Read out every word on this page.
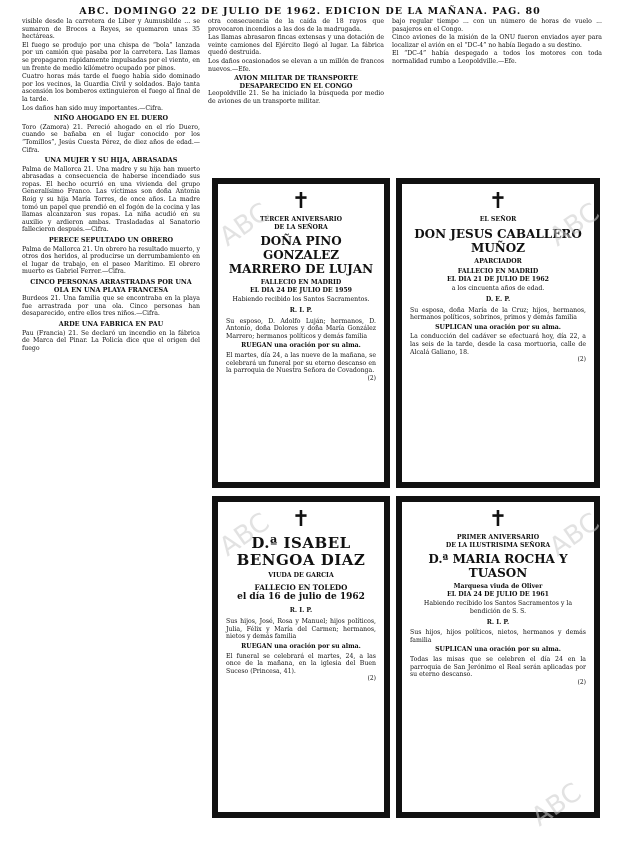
ABC. DOMINGO 22 DE JULIO DE 1962. EDICION DE LA MAÑANA. PAG. 80

visible desde la carretera de Liber y Aumusbilde ... se sumaron de Brocos a Reyes, se quemaron unas 35 hectáreas.

El fuego se produjo por una chispa de “bola” lanzada por un camión que pasaba por la carretera. Las llamas se propagaron rápidamente impulsadas por el viento, en un frente de medio kilómetro ocupado por pinos.

Cuatro horas más tarde el fuego había sido dominado por los vecinos, la Guardia Civil y soldados. Bajo tanta ascensión los bomberos extinguieron el fuego al final de la tarde.

Los daños han sido muy importantes.—Cifra.

NIÑO AHOGADO EN EL DUERO

Toro (Zamora) 21. Pereció ahogado en el río Duero, cuando se bañaba en el lugar conocido por los “Tomillos”, Jesús Cuesta Pérez, de diez años de edad.—Cifra.

UNA MUJER Y SU HIJA, ABRASADAS

Palma de Mallorca 21. Una madre y su hija han muerto abrasadas a consecuencia de haberse incendiado sus ropas. El hecho ocurrió en una vivienda del grupo Generalísimo Franco. Las víctimas son doña Antonia Roig y su hija María Torres, de once años. La madre tomó un papel que prendió en el fogón de la cocina y las llamas alcanzaron sus ropas. La niña acudió en su auxilio y ardieron ambas. Trasladadas al Sanatorio fallecieron después.—Cifra.

PERECE SEPULTADO UN OBRERO

Palma de Mallorca 21. Un obrero ha resultado muerto, y otros dos heridos, al producirse un derrumbamiento en el lugar de trabajo, en el paseo Marítimo. El obrero muerto es Gabriel Ferrer.—Cifra.

CINCO PERSONAS ARRASTRADAS POR UNA OLA EN UNA PLAYA FRANCESA

Burdeos 21. Una familia que se encontraba en la playa fue arrastrada por una ola. Cinco personas han desaparecido, entre ellos tres niños.—Cifra.

ARDE UNA FABRICA EN PAU

Pau (Francia) 21. Se declaró un incendio en la fábrica de Marca del Pinar. La Policía dice que el origen del fuego

otra consecuencia de la caída de 18 rayos que provocaron incendios a las dos de la madrugada.

Las llamas abrasaron fincas extensas y una dotación de veinte camiones del Ejército llegó al lugar. La fábrica quedó destruida.

Los daños ocasionados se elevan a un millón de francos nuevos.—Efe.

AVION MILITAR DE TRANSPORTE DESAPARECIDO EN EL CONGO

Leopoldville 21. Se ha iniciado la búsqueda por medio de aviones de un transporte militar.

bajo regular tiempo ... con un número de horas de vuelo ... pasajeros en el Congo.

Cinco aviones de la misión de la ONU fueron enviados ayer para localizar el avión en el “DC-4” no había llegado a su destino.

El “DC-4” había despegado a todos los motores con toda normalidad rumbo a Leopoldville.—Efe.

✝
TERCER ANIVERSARIO
DE LA SEÑORA
DOÑA PINO GONZALEZ MARRERO DE LUJAN
FALLECIO EN MADRID
EL DIA 24 DE JULIO DE 1959
Habiendo recibido los Santos Sacramentos.
R. I. P.
Su esposo, D. Adolfo Luján; hermanos, D. Antonio, doña Dolores y doña María González Marrero; hermanos políticos y demás familia
RUEGAN una oración por su alma.
El martes, día 24, a las nueve de la mañana, se celebrará un funeral por su eterno descanso en la parroquia de Nuestra Señora de Covadonga.
(2)
✝
EL SEÑOR
DON JESUS CABALLERO MUÑOZ
APARCIADOR
FALLECIO EN MADRID
EL DIA 21 DE JULIO DE 1962
a los cincuenta años de edad.
D. E. P.
Su esposa, doña María de la Cruz; hijos, hermanos, hermanos políticos, sobrinos, primos y demás familia
SUPLICAN una oración por su alma.
La conducción del cadáver se efectuará hoy, día 22, a las seis de la tarde, desde la casa mortuoria, calle de Alcalá Galiano, 18.
(2)
✝
D.ª ISABEL BENGOA DIAZ
VIUDA DE GARCIA
FALLECIO EN TOLEDO
el día 16 de julio de 1962
R. I. P.
Sus hijos, José, Rosa y Manuel; hijos políticos, Julia, Félix y María del Carmen; hermanos, nietos y demás familia
RUEGAN una oración por su alma.
El funeral se celebrará el martes, 24, a las once de la mañana, en la iglesia del Buen Suceso (Princesa, 41).
(2)
✝
PRIMER ANIVERSARIO
DE LA ILUSTRISIMA SEÑORA
D.ª MARIA ROCHA Y TUASON
Marquesa viuda de Oliver
EL DIA 24 DE JULIO DE 1961
Habiendo recibido los Santos Sacramentos y la bendición de S. S.
R. I. P.
Sus hijos, hijos políticos, nietos, hermanos y demás familia
SUPLICAN una oración por su alma.
Todas las misas que se celebren el día 24 en la parroquia de San Jerónimo el Real serán aplicadas por su eterno descanso.
(2)
ABC	ABC
ABC	ABC
ABC
